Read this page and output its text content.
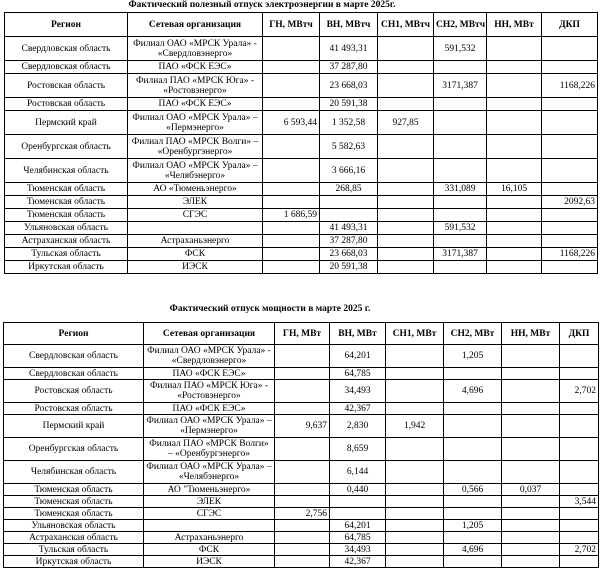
Фактический полезный отпуск электроэнергии в марте 2025г.
Регион	Сетевая организация	ГН, МВтч	ВН, МВтч	СН1, МВтч	СН2, МВтч	НН, МВт	ДКП
Свердловская область	Филиал ОАО «МРСК Урала» - «Свердловэнерго»		41 493,31		591,532		
Свердловская область	ПАО «ФСК ЕЭС»		37 287,80				
Ростовская область	Филиал ПАО «МРСК Юга» - «Ростовэнерго»		23 668,03		3171,387		1168,226
Ростовская область	ПАО «ФСК ЕЭС»		20 591,38				
Пермский край	Филиал ОАО «МРСК Урала» – «Пермэнерго»	6 593,44	1 352,58	927,85			
Оренбургская область	Филиал ПАО «МРСК Волги» – «Оренбургэнерго»		5 582,63				
Челябинская область	Филиал ОАО «МРСК Урала» – «Челябэнерго»		3 666,16				
Тюменская область	АО «Тюменьэнерго»		268,85		331,089	16,105	
Тюменская область	ЭЛЕК						2092,63
Тюменская область	СГЭС	1 686,59					
Ульяновская область			41 493,31		591,532		
Астраханская область	Астраханьэнерго		37 287,80				
Тульская область	ФСК		23 668,03		3171,387		1168,226
Иркутская область	ИЭСК		20 591,38				
Фактический отпуск мощности в марте 2025 г.
Регион	Сетевая организация	ГН, МВт	ВН, МВт	СН1, МВт	СН2, МВт	НН, МВт	ДКП
Свердловская область	Филиал ОАО «МРСК Урала» - «Свердловэнерго»		64,201		1,205		
Свердловская область	ПАО «ФСК ЕЭС»		64,785				
Ростовская область	Филиал ПАО «МРСК Юга» - «Ростовэнерго»		34,493		4,696		2,702
Ростовская область	ПАО «ФСК ЕЭС»		42,367				
Пермский край	Филиал ОАО «МРСК Урала» – «Пермэнерго»	9,637	2,830	1,942			
Оренбургская область	Филиал ПАО «МРСК Волги» – «Оренбургэнерго»		8,659				
Челябинская область	Филиал ОАО «МРСК Урала» – «Челябэнерго»		6,144				
Тюменская область	АО "Тюменьэнерго»		0,440		0,566	0,037	
Тюменская область	ЭЛЕК						3,544
Тюменская область	СГЭС	2,756					
Ульяновская область			64,201		1,205		
Астраханская область	Астраханьэнерго		64,785				
Тульская область	ФСК		34,493		4,696		2,702
Иркутская область	ИЭСК		42,367				
